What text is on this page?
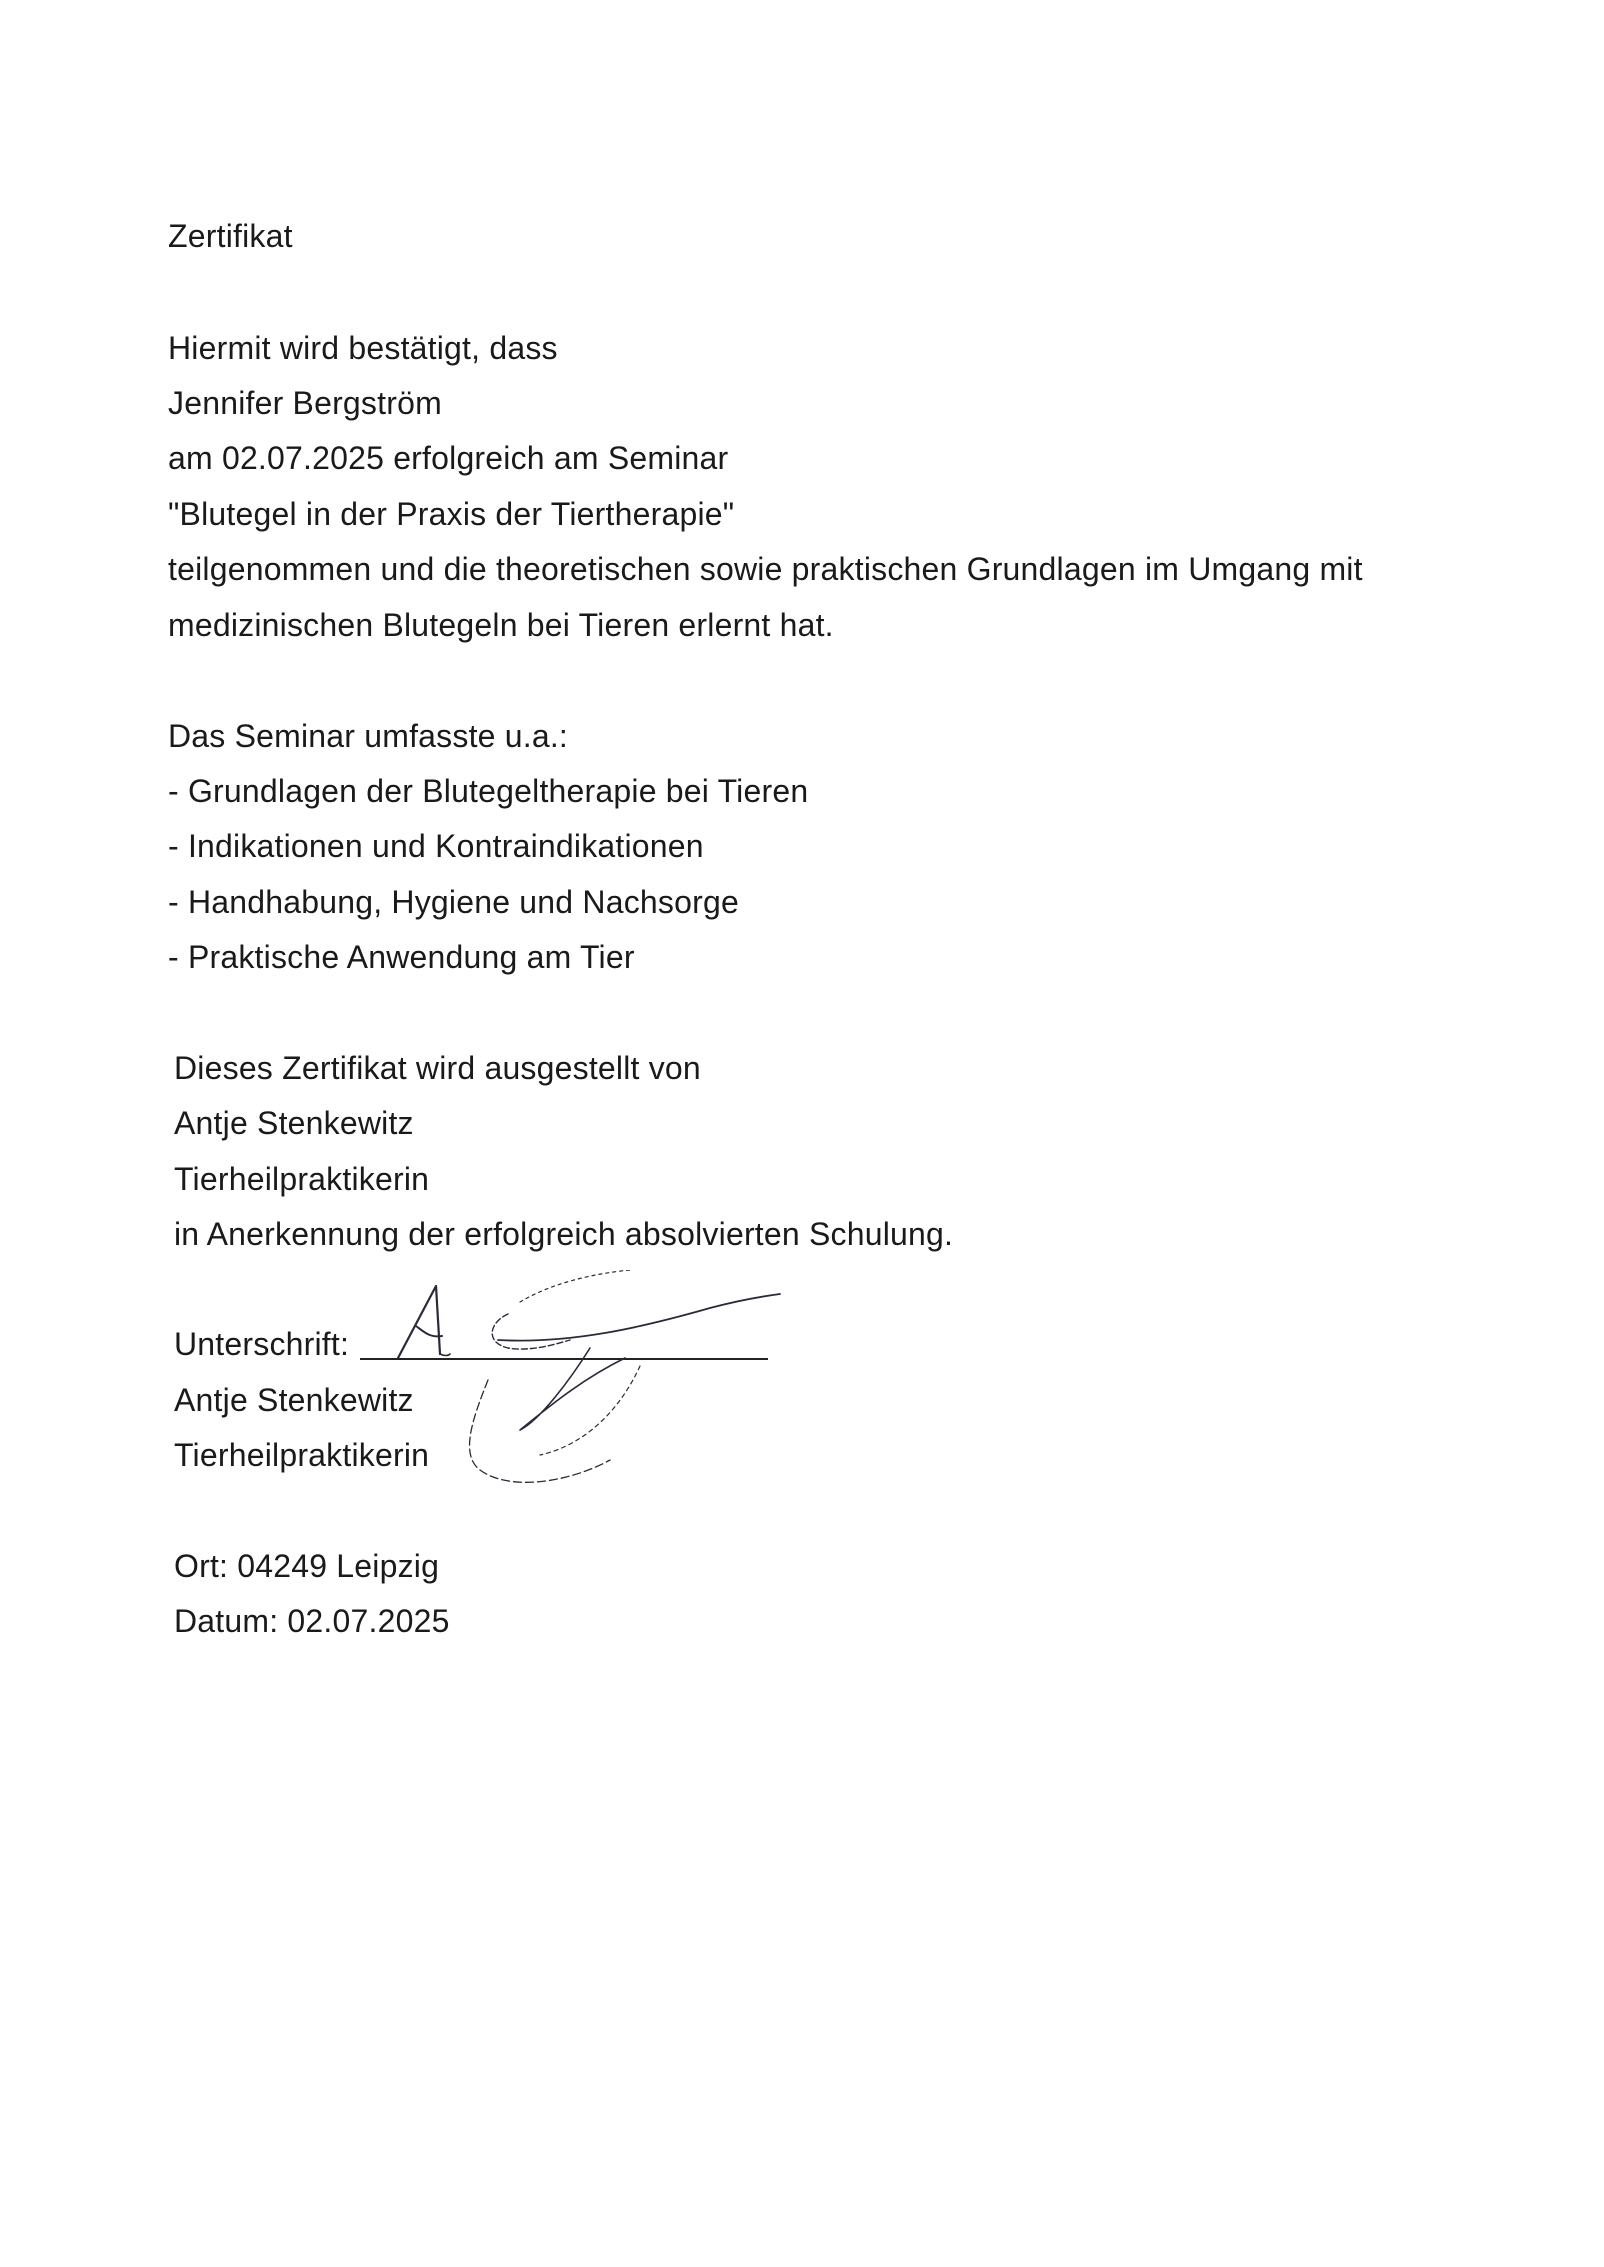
Zertifikat
Hiermit wird bestätigt, dass
Jennifer Bergström
am 02.07.2025 erfolgreich am Seminar
"Blutegel in der Praxis der Tiertherapie"
teilgenommen und die theoretischen sowie praktischen Grundlagen im Umgang mit
medizinischen Blutegeln bei Tieren erlernt hat.
Das Seminar umfasste u.a.:
- Grundlagen der Blutegeltherapie bei Tieren
- Indikationen und Kontraindikationen
- Handhabung, Hygiene und Nachsorge
- Praktische Anwendung am Tier
Dieses Zertifikat wird ausgestellt von
Antje Stenkewitz
Tierheilpraktikerin
in Anerkennung der erfolgreich absolvierten Schulung.
Unterschrift:
Antje Stenkewitz
Tierheilpraktikerin
Ort: 04249 Leipzig
Datum: 02.07.2025
